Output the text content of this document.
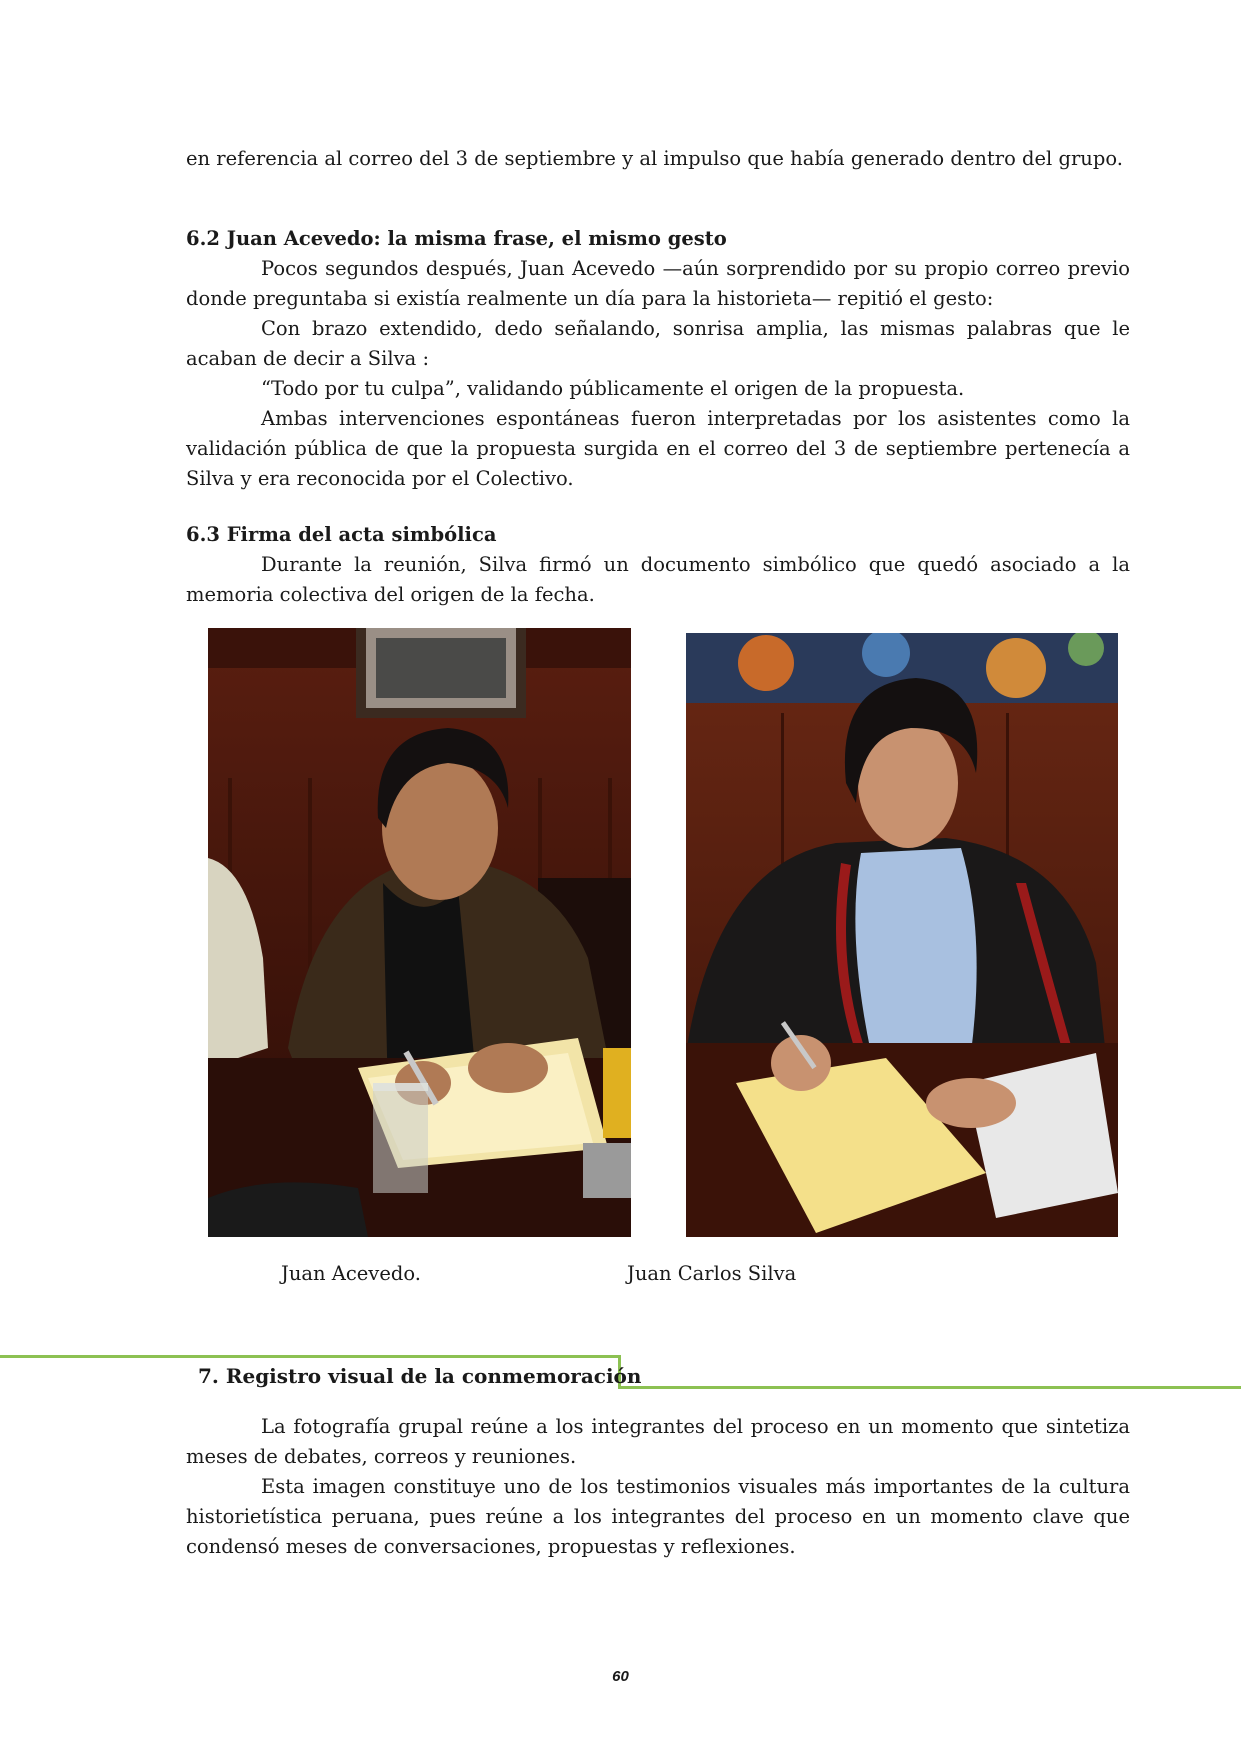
en referencia al correo del 3 de septiembre y al impulso que había generado dentro del grupo.

6.2 Juan Acevedo: la misma frase, el mismo gesto

Pocos segundos después, Juan Acevedo —aún sorprendido por su propio correo previo donde preguntaba si existía realmente un día para la historieta— repitió el gesto:

Con brazo extendido, dedo señalando, sonrisa amplia, las mismas palabras que le acaban de decir a Silva :

“Todo por tu culpa”, validando públicamente el origen de la propuesta.

Ambas intervenciones espontáneas fueron interpretadas por los asistentes como la validación pública de que la propuesta surgida en el correo del 3 de septiembre pertenecía a Silva y era reconocida por el Colectivo.

6.3 Firma del acta simbólica

Durante la reunión, Silva firmó un documento simbólico que quedó asociado a la memoria colectiva del origen de la fecha.

Juan Acevedo.	Juan Carlos Silva

7. Registro visual de la conmemoración

La fotografía grupal reúne a los integrantes del proceso en un momento que sintetiza meses de debates, correos y reuniones.

Esta imagen constituye uno de los testimonios visuales más importantes de la cultura historietística peruana, pues reúne a los integrantes del proceso en un momento clave que condensó meses de conversaciones, propuestas y reflexiones.

60
